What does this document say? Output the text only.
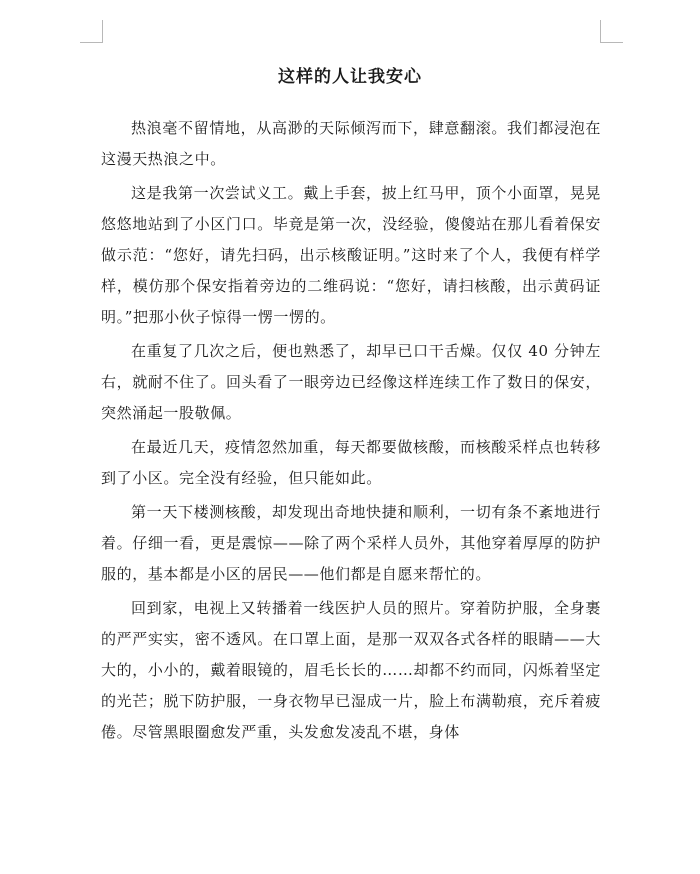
这样的人让我安心

热浪毫不留情地，从高渺的天际倾泻而下，肆意翻滚。我们都浸泡在这漫天热浪之中。

这是我第一次尝试义工。戴上手套，披上红马甲，顶个小面罩，晃晃悠悠地站到了小区门口。毕竟是第一次，没经验，傻傻站在那儿看着保安做示范：“您好，请先扫码，出示核酸证明。”这时来了个人，我便有样学样，模仿那个保安指着旁边的二维码说：“您好，请扫核酸，出示黄码证明。”把那小伙子惊得一愣一愣的。

在重复了几次之后，便也熟悉了，却早已口干舌燥。仅仅 40 分钟左右，就耐不住了。回头看了一眼旁边已经像这样连续工作了数日的保安，突然涌起一股敬佩。

在最近几天，疫情忽然加重，每天都要做核酸，而核酸采样点也转移到了小区。完全没有经验，但只能如此。

第一天下楼测核酸，却发现出奇地快捷和顺利，一切有条不紊地进行着。仔细一看，更是震惊——除了两个采样人员外，其他穿着厚厚的防护服的，基本都是小区的居民——他们都是自愿来帮忙的。

回到家，电视上又转播着一线医护人员的照片。穿着防护服，全身裹的严严实实，密不透风。在口罩上面，是那一双双各式各样的眼睛——大大的，小小的，戴着眼镜的，眉毛长长的……却都不约而同，闪烁着坚定的光芒；脱下防护服，一身衣物早已湿成一片，脸上布满勒痕，充斥着疲倦。尽管黑眼圈愈发严重，头发愈发凌乱不堪，身体
